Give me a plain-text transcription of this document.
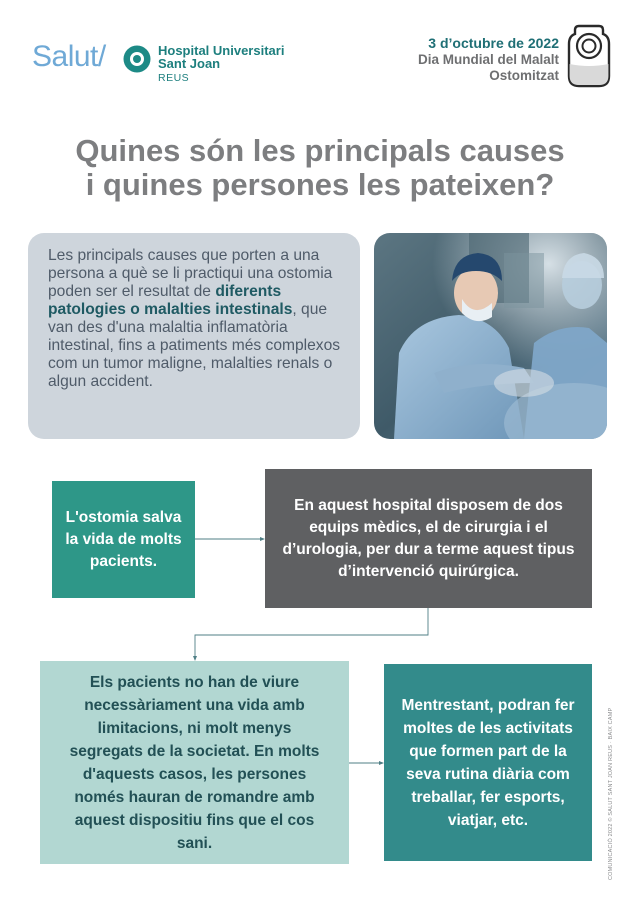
Salut/	Hospital Universitari
Sant Joan
REUS
3 d’octubre de 2022
Dia Mundial del Malalt Ostomitzat
Quines són les principals causes
i quines persones les pateixen?
Les principals causes que porten a una persona a què se li practiqui una ostomia poden ser el resultat de diferents patologies o malalties intestinals, que van des d'una malaltia inflamatòria intestinal, fins a patiments més complexos com un tumor maligne, malalties renals o algun accident.
L'ostomia salva la vida de molts pacients.
En aquest hospital disposem de dos equips mèdics, el de cirurgia i el d’urologia, per dur a terme aquest tipus d’intervenció quirúrgica.
Els pacients no han de viure necessàriament una vida amb limitacions, ni molt menys segregats de la societat. En molts d'aquests casos, les persones només hauran de romandre amb aquest dispositiu fins que el cos sani.
Mentrestant, podran fer moltes de les activitats que formen part de la seva rutina diària com treballar, fer esports, viatjar, etc.	COMUNICACIÓ 2022 © SALUT SANT JOAN REUS · BAIX CAMP
